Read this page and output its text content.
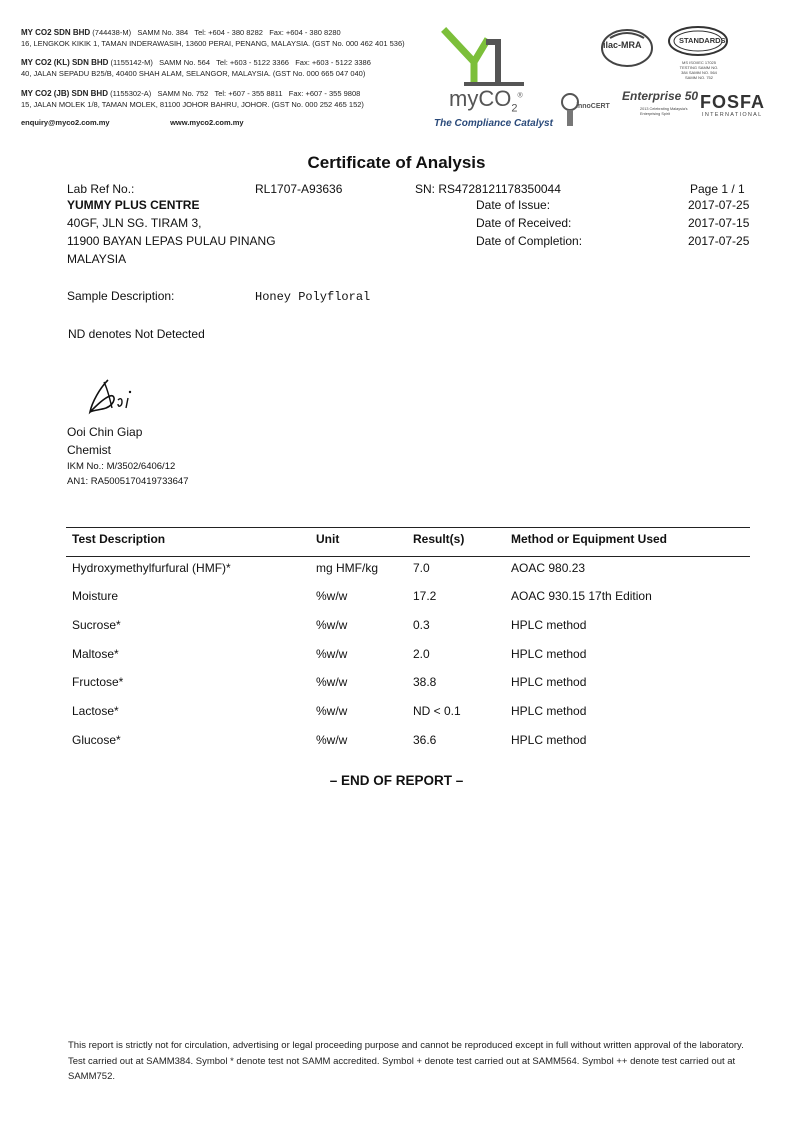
MY CO2 SDN BHD (744438-M) SAMM No. 384 Tel: +604 - 380 8282 Fax: +604 - 380 8280
16, LENGKOK KIKIK 1, TAMAN INDERAWASIH, 13600 PERAI, PENANG, MALAYSIA. (GST No. 000 462 401 536)
MY CO2 (KL) SDN BHD (1155142-M) SAMM No. 564 Tel: +603 - 5122 3366 Fax: +603 - 5122 3386
40, JALAN SEPADU B25/B, 40400 SHAH ALAM, SELANGOR, MALAYSIA. (GST No. 000 665 047 040)
MY CO2 (JB) SDN BHD (1155302-A) SAMM No. 752 Tel: +607 - 355 8811 Fax: +607 - 355 9808
15, JALAN MOLEK 1/8, TAMAN MOLEK, 81100 JOHOR BAHRU, JOHOR. (GST No. 000 252 465 152)
enquiry@myco2.com.my	www.myco2.com.my
myCO$_2$®
The Compliance Catalyst
ilac-MRA	STANDARDS
MS ISO/IEC 17025 TESTING SAMM NO. 384 SAMM NO. 564 SAMM NO. 752
innoCERT
Enterprise 50
2013 Celebrating Malaysia's Enterprising Spirit
FOSFA
INTERNATIONAL
Certificate of Analysis
Lab Ref No.:	RL1707-A93636	SN: RS4728121178350044	Page 1 / 1
YUMMY PLUS CENTRE
40GF, JLN SG. TIRAM 3,
11900 BAYAN LEPAS PULAU PINANG
MALAYSIA
Date of Issue:	2017-07-25
Date of Received:	2017-07-15
Date of Completion:	2017-07-25
Sample Description:	Honey Polyfloral
ND denotes Not Detected
Ooi Chin Giap
Chemist
IKM No.: M/3502/6406/12
AN1: RA5005170419733647
Test Description	Unit	Result(s)	Method or Equipment Used
Hydroxymethylfurfural (HMF)*	mg HMF/kg	7.0	AOAC 980.23
Moisture	%w/w	17.2	AOAC 930.15 17th Edition
Sucrose*	%w/w	0.3	HPLC method
Maltose*	%w/w	2.0	HPLC method
Fructose*	%w/w	38.8	HPLC method
Lactose*	%w/w	ND < 0.1	HPLC method
Glucose*	%w/w	36.6	HPLC method
– END OF REPORT –
This report is strictly not for circulation, advertising or legal proceeding purpose and cannot be reproduced except in full without written approval of the laboratory. Test carried out at SAMM384. Symbol * denote test not SAMM accredited. Symbol + denote test carried out at SAMM564. Symbol ++ denote test carried out at SAMM752.
